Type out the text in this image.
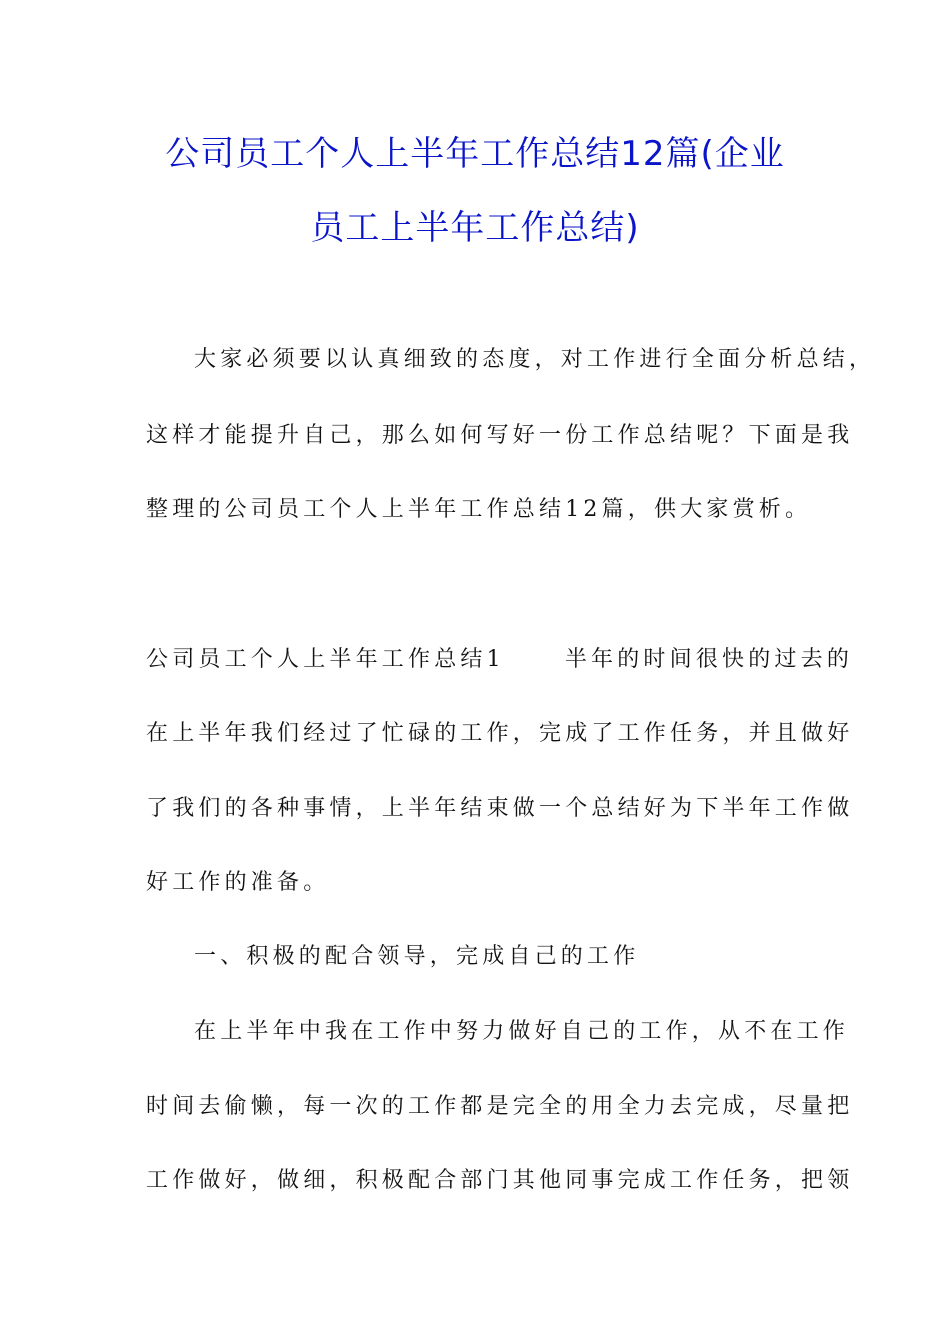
公司员工个人上半年工作总结12篇(企业
员工上半年工作总结)
大家必须要以认真细致的态度，对工作进行全面分析总结，
这样才能提升自己，那么如何写好一份工作总结呢？下面是我
整理的公司员工个人上半年工作总结12篇，供大家赏析。
公司员工个人上半年工作总结1	半年的时间很快的过去的
在上半年我们经过了忙碌的工作，完成了工作任务，并且做好
了我们的各种事情，上半年结束做一个总结好为下半年工作做
好工作的准备。
一、积极的配合领导，完成自己的工作
在上半年中我在工作中努力做好自己的工作，从不在工作
时间去偷懒，每一次的工作都是完全的用全力去完成，尽量把
工作做好，做细，积极配合部门其他同事完成工作任务，把领
